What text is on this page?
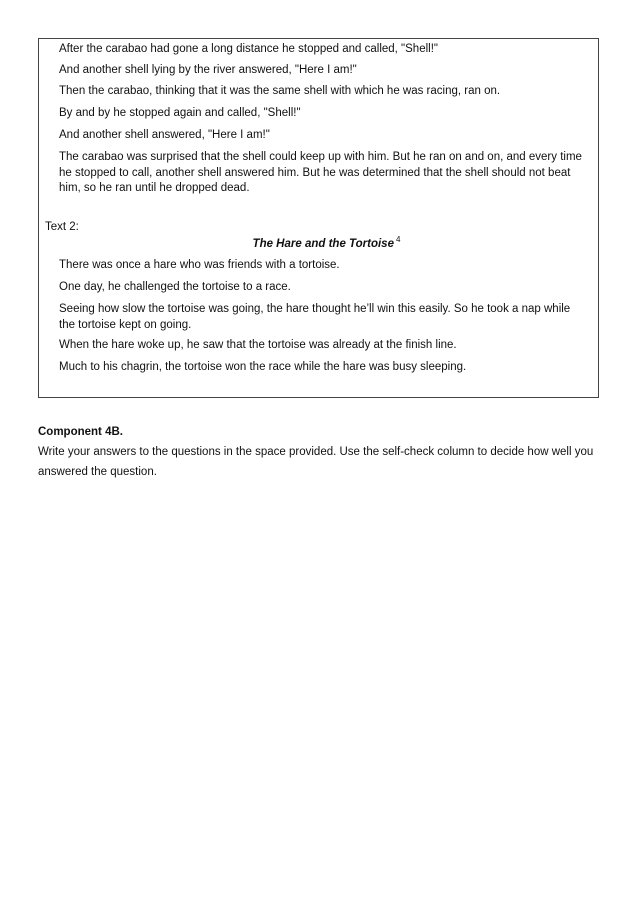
After the carabao had gone a long distance he stopped and called, "Shell!"

And another shell lying by the river answered, "Here I am!"

Then the carabao, thinking that it was the same shell with which he was racing, ran on.

By and by he stopped again and called, "Shell!"

And another shell answered, "Here I am!"

The carabao was surprised that the shell could keep up with him. But he ran on and on, and every time he stopped to call, another shell answered him. But he was determined that the shell should not beat him, so he ran until he dropped dead.

Text 2:

The Hare and the Tortoise $^4$

There was once a hare who was friends with a tortoise.

One day, he challenged the tortoise to a race.

Seeing how slow the tortoise was going, the hare thought he’ll win this easily. So he took a nap while the tortoise kept on going.

When the hare woke up, he saw that the tortoise was already at the finish line.

Much to his chagrin, the tortoise won the race while the hare was busy sleeping.

Component 4B.

Write your answers to the questions in the space provided. Use the self-check column to decide how well you answered the question.
